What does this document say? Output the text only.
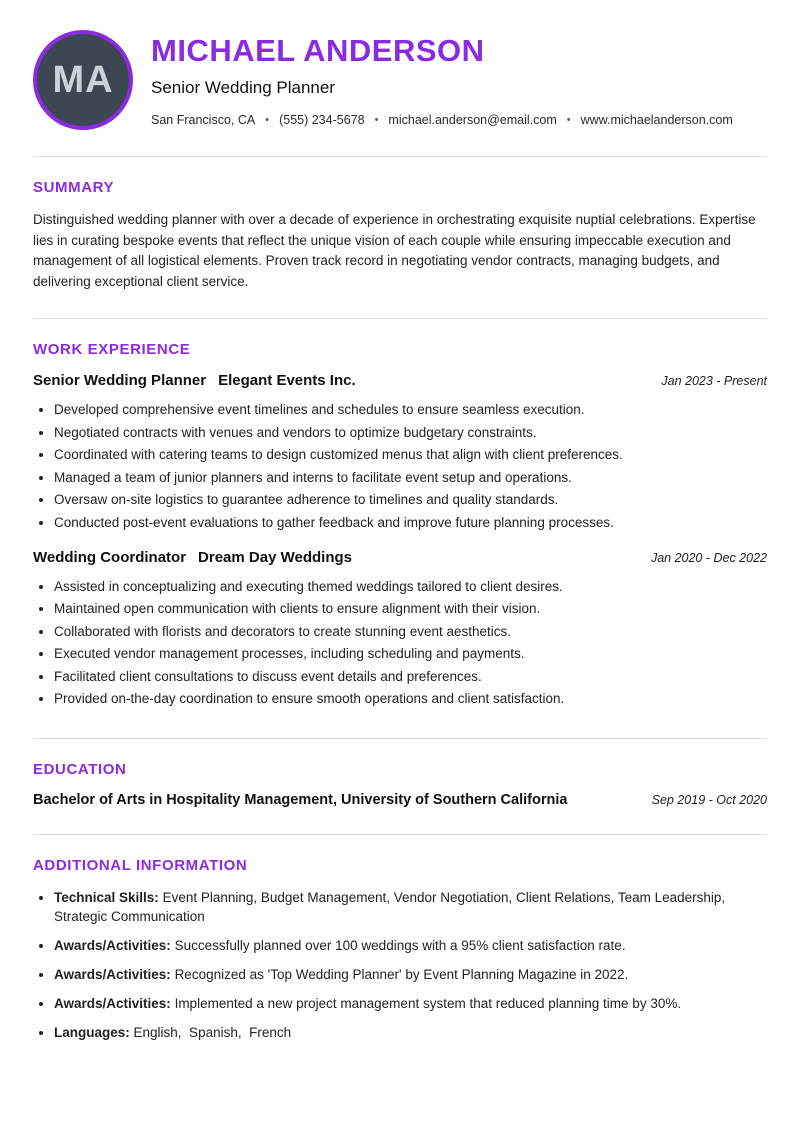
MA
MICHAEL ANDERSON
Senior Wedding Planner
San Francisco, CA • (555) 234-5678 • michael.anderson@email.com • www.michaelanderson.com
SUMMARY

Distinguished wedding planner with over a decade of experience in orchestrating exquisite nuptial celebrations. Expertise lies in curating bespoke events that reflect the unique vision of each couple while ensuring impeccable execution and management of all logistical elements. Proven track record in negotiating vendor contracts, managing budgets, and delivering exceptional client service.

WORK EXPERIENCE
Senior Wedding Planner Elegant Events Inc.	Jan 2023 - Present
• Developed comprehensive event timelines and schedules to ensure seamless execution.
• Negotiated contracts with venues and vendors to optimize budgetary constraints.
• Coordinated with catering teams to design customized menus that align with client preferences.
• Managed a team of junior planners and interns to facilitate event setup and operations.
• Oversaw on-site logistics to guarantee adherence to timelines and quality standards.
• Conducted post-event evaluations to gather feedback and improve future planning processes.
Wedding Coordinator Dream Day Weddings	Jan 2020 - Dec 2022
• Assisted in conceptualizing and executing themed weddings tailored to client desires.
• Maintained open communication with clients to ensure alignment with their vision.
• Collaborated with florists and decorators to create stunning event aesthetics.
• Executed vendor management processes, including scheduling and payments.
• Facilitated client consultations to discuss event details and preferences.
• Provided on-the-day coordination to ensure smooth operations and client satisfaction.
EDUCATION
Bachelor of Arts in Hospitality Management, University of Southern California	Sep 2019 - Oct 2020
ADDITIONAL INFORMATION
• Technical Skills: Event Planning, Budget Management, Vendor Negotiation, Client Relations, Team Leadership, Strategic Communication
• Awards/Activities: Successfully planned over 100 weddings with a 95% client satisfaction rate.
• Awards/Activities: Recognized as 'Top Wedding Planner' by Event Planning Magazine in 2022.
• Awards/Activities: Implemented a new project management system that reduced planning time by 30%.
• Languages: English,  Spanish,  French
